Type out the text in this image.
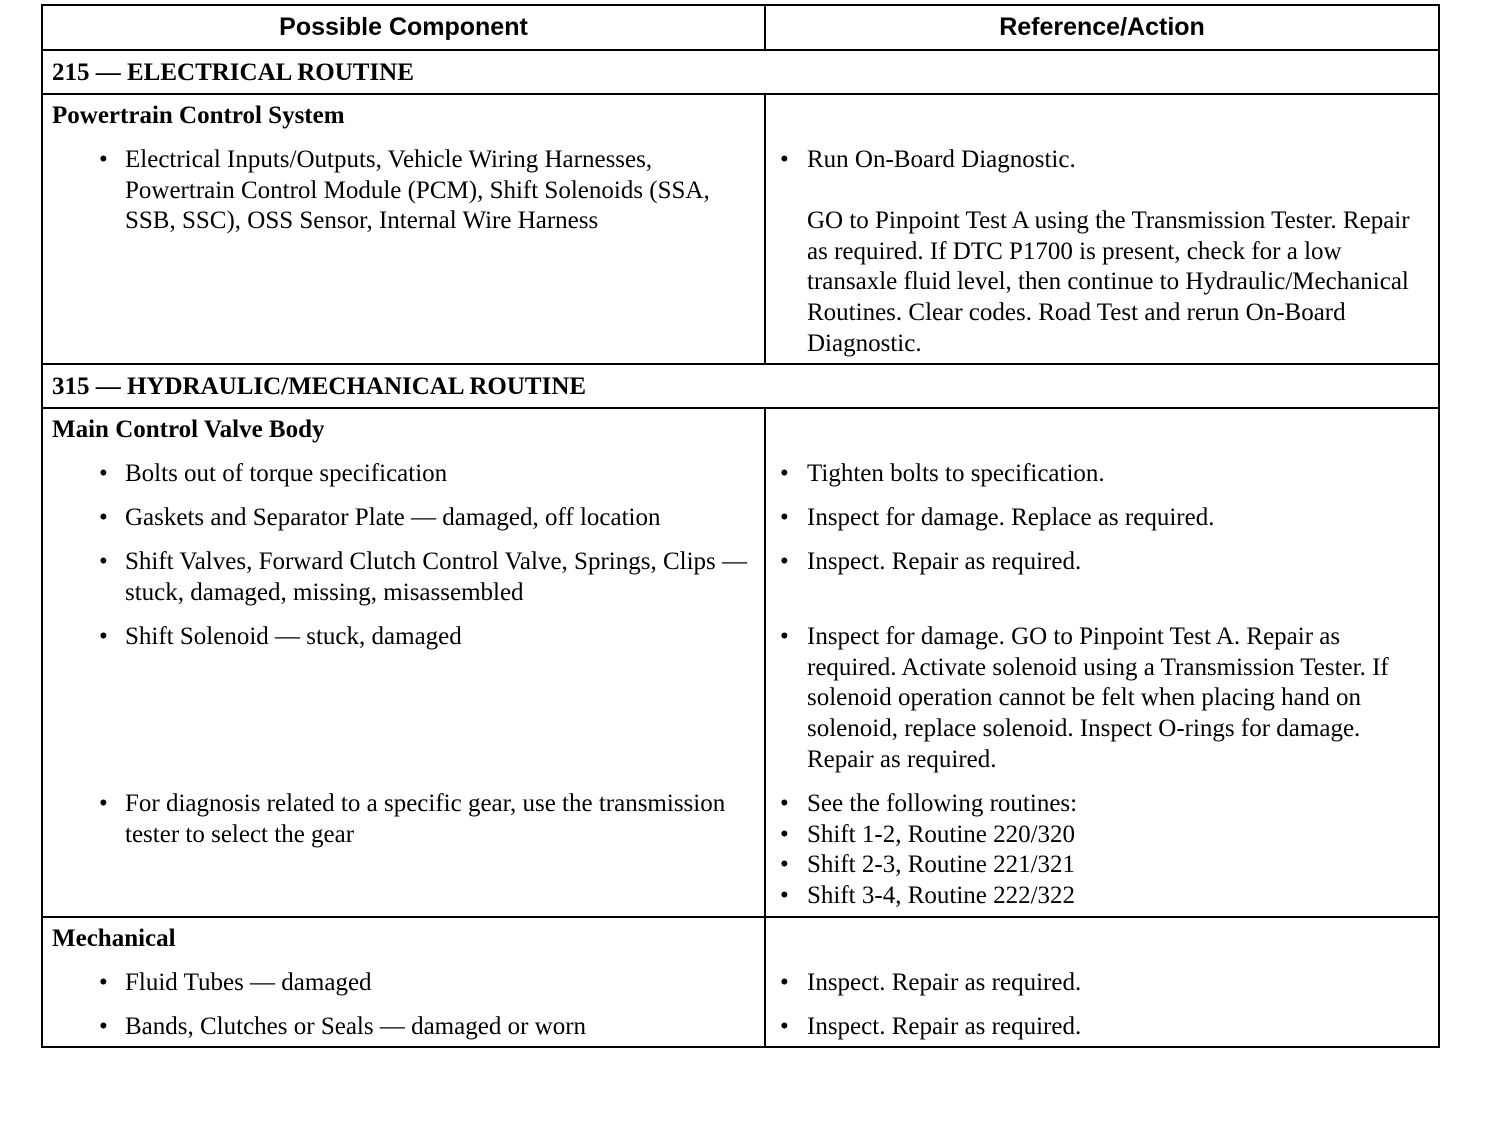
Possible Component	Reference/Action
215 — ELECTRICAL ROUTINE
Powertrain Control System
• Electrical Inputs/Outputs, Vehicle Wiring Harnesses, Powertrain Control Module (PCM), Shift Solenoids (SSA, SSB, SSC), OSS Sensor, Internal Wire Harness
• Run On-Board Diagnostic.
GO to Pinpoint Test A using the Transmission Tester. Repair as required. If DTC P1700 is present, check for a low transaxle fluid level, then continue to Hydraulic/Mechanical Routines. Clear codes. Road Test and rerun On-Board Diagnostic.
315 — HYDRAULIC/MECHANICAL ROUTINE
Main Control Valve Body
• Bolts out of torque specification
• Gaskets and Separator Plate — damaged, off location
• Shift Valves, Forward Clutch Control Valve, Springs, Clips — stuck, damaged, missing, misassembled
• Shift Solenoid — stuck, damaged
• For diagnosis related to a specific gear, use the transmission tester to select the gear
• Tighten bolts to specification.
• Inspect for damage. Replace as required.
• Inspect. Repair as required.
• Inspect for damage. GO to Pinpoint Test A. Repair as required. Activate solenoid using a Transmission Tester. If solenoid operation cannot be felt when placing hand on solenoid, replace solenoid. Inspect O-rings for damage. Repair as required.
• See the following routines:
• Shift 1-2, Routine 220/320
• Shift 2-3, Routine 221/321
• Shift 3-4, Routine 222/322
Mechanical
• Fluid Tubes — damaged
• Bands, Clutches or Seals — damaged or worn
• Inspect. Repair as required.
• Inspect. Repair as required.
